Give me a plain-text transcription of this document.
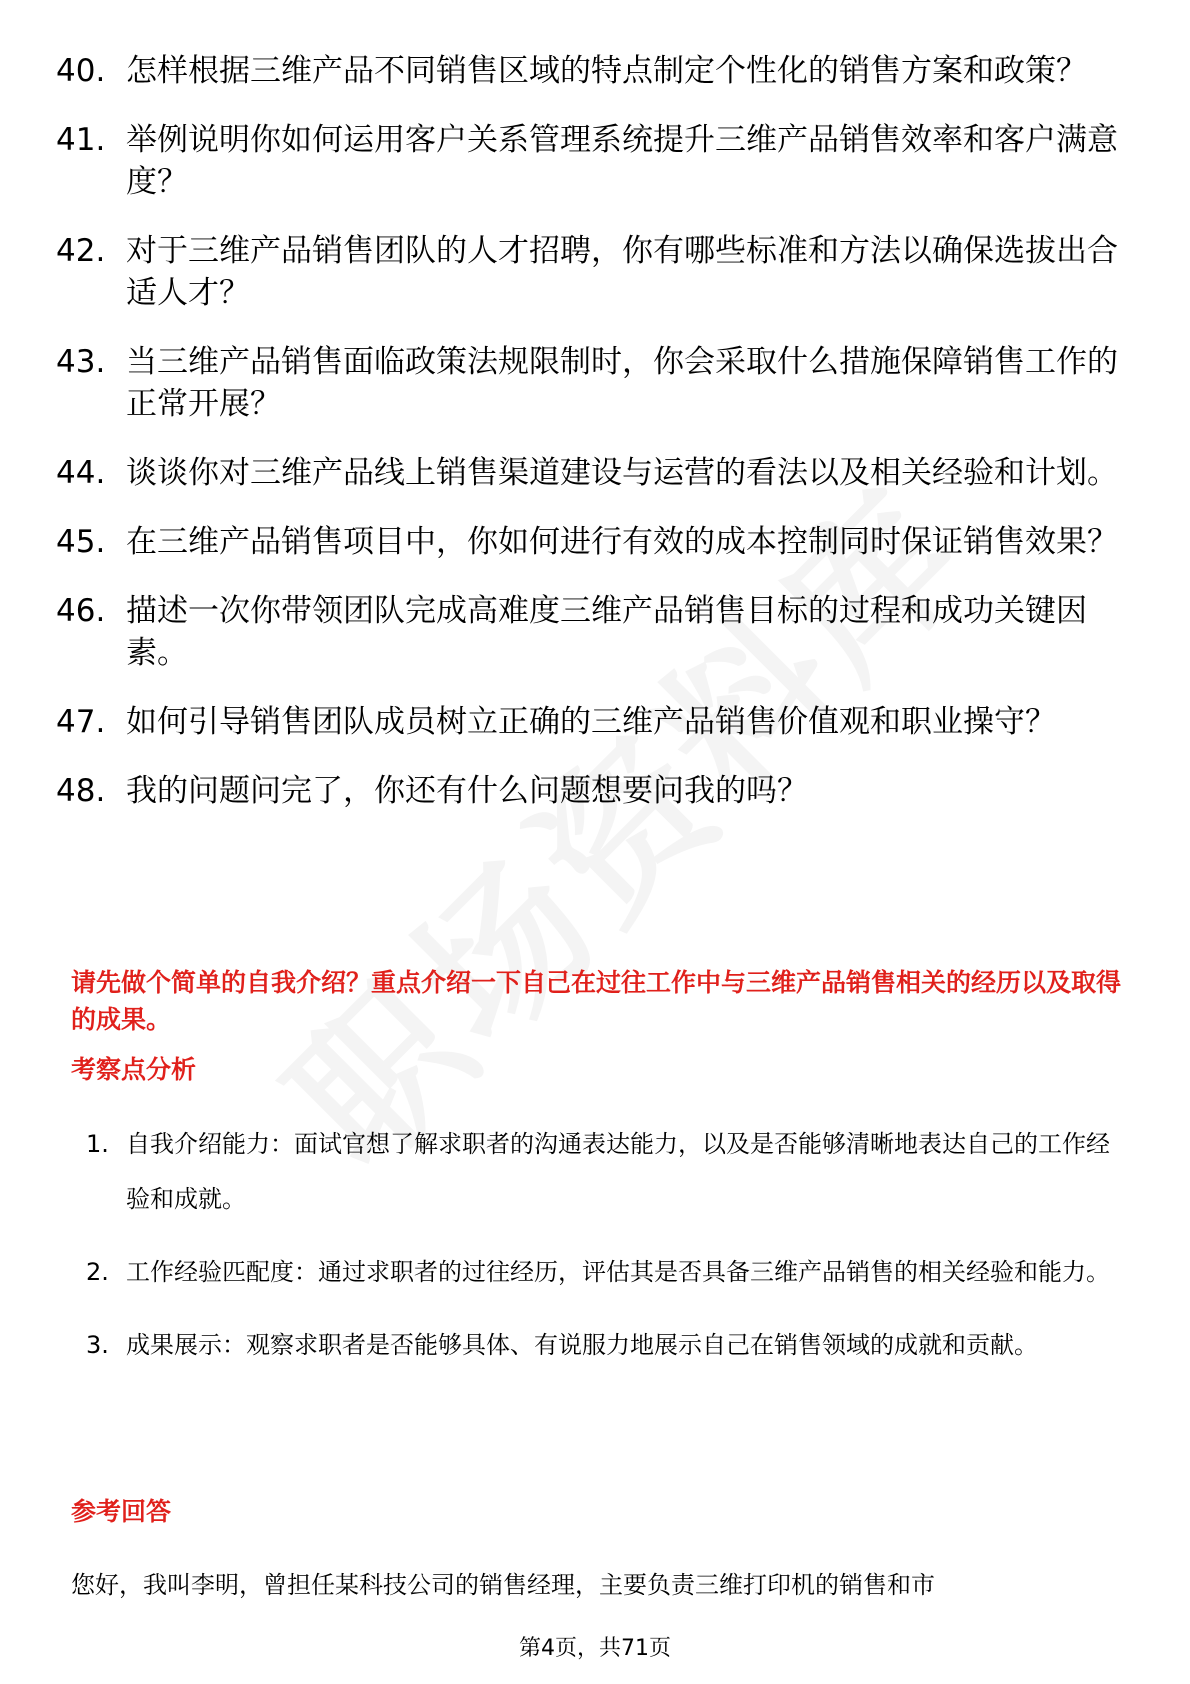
40. 怎样根据三维产品不同销售区域的特点制定个性化的销售方案和政策？
41. 举例说明你如何运用客户关系管理系统提升三维产品销售效率和客户满意度？
42. 对于三维产品销售团队的人才招聘，你有哪些标准和方法以确保选拔出合适人才？
43. 当三维产品销售面临政策法规限制时，你会采取什么措施保障销售工作的正常开展？
44. 谈谈你对三维产品线上销售渠道建设与运营的看法以及相关经验和计划。
45. 在三维产品销售项目中，你如何进行有效的成本控制同时保证销售效果？
46. 描述一次你带领团队完成高难度三维产品销售目标的过程和成功关键因素。
47. 如何引导销售团队成员树立正确的三维产品销售价值观和职业操守？
48. 我的问题问完了，你还有什么问题想要问我的吗？
请先做个简单的自我介绍？重点介绍一下自己在过往工作中与三维产品销售相关的经历以及取得的成果。
考察点分析
1. 自我介绍能力：面试官想了解求职者的沟通表达能力，以及是否能够清晰地表达自己的工作经验和成就。
2. 工作经验匹配度：通过求职者的过往经历，评估其是否具备三维产品销售的相关经验和能力。
3. 成果展示：观察求职者是否能够具体、有说服力地展示自己在销售领域的成就和贡献。
参考回答
您好，我叫李明，曾担任某科技公司的销售经理，主要负责三维打印机的销售和市
第4页，共71页
